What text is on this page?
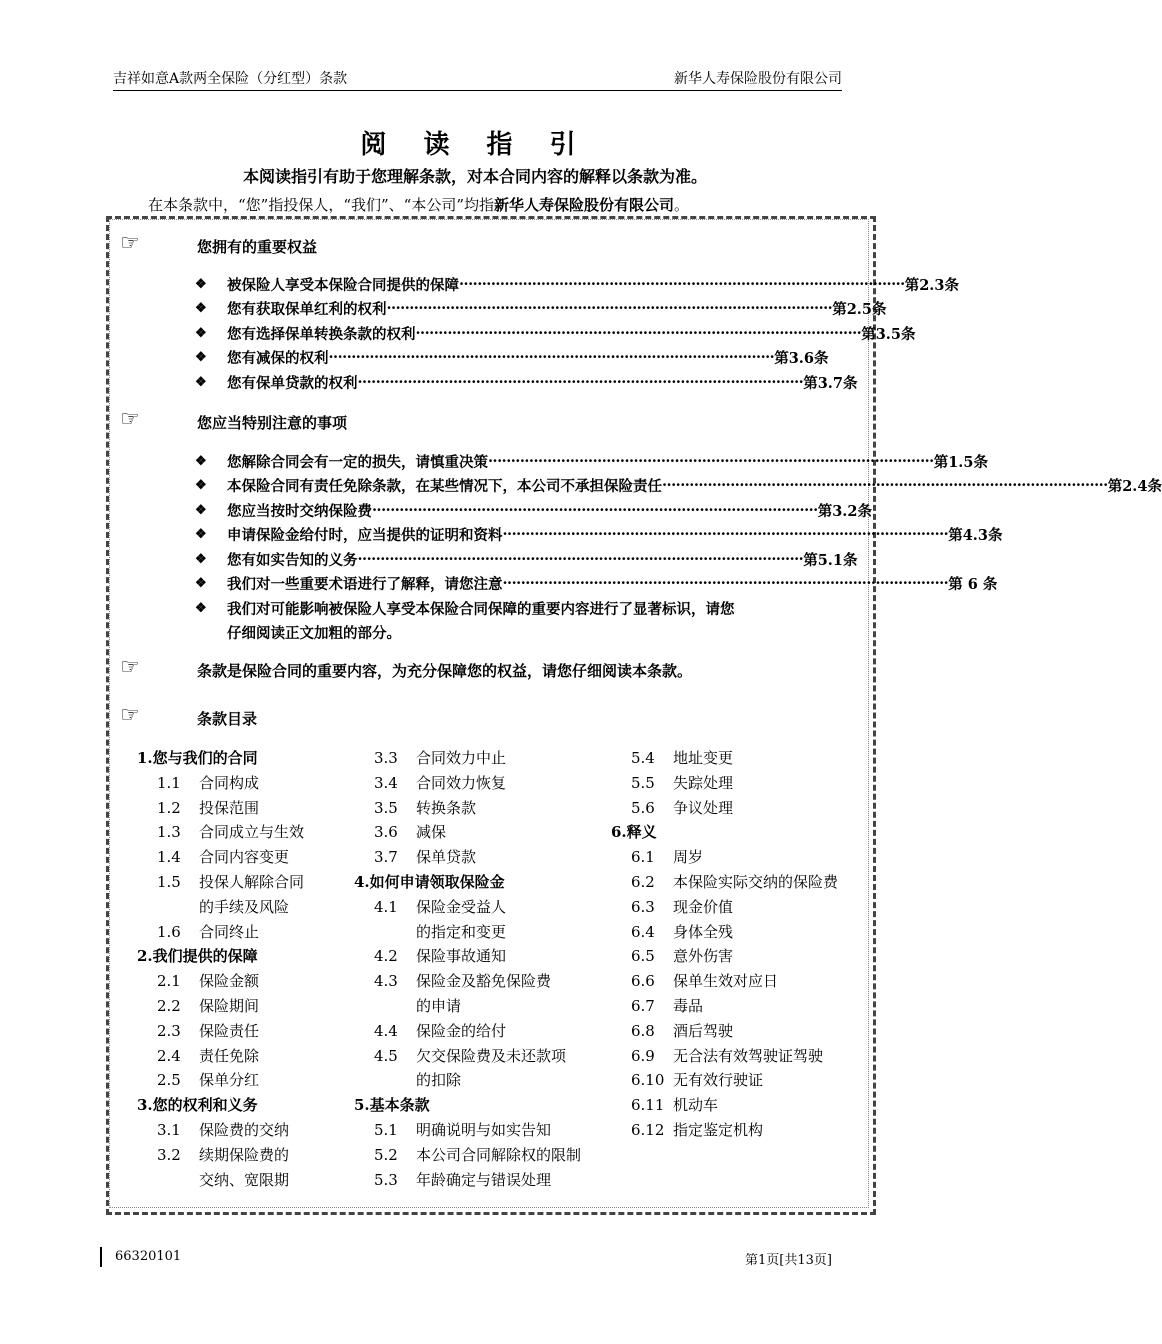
吉祥如意A款两全保险（分红型）条款	新华人寿保险股份有限公司
阅 读 指 引
本阅读指引有助于您理解条款，对本合同内容的解释以条款为准。
在本条款中，“您”指投保人，“我们”、“本公司”均指新华人寿保险股份有限公司。
☞	您拥有的重要权益
❖	被保险人享受本保险合同提供的保障 ·································································································· 第2.3条
❖	您有获取保单红利的权利 ·································································································· 第2.5条
❖	您有选择保单转换条款的权利 ·································································································· 第3.5条
❖	您有减保的权利 ·································································································· 第3.6条
❖	您有保单贷款的权利 ·································································································· 第3.7条
☞	您应当特别注意的事项
❖	您解除合同会有一定的损失，请慎重决策 ·································································································· 第1.5条
❖	本保险合同有责任免除条款，在某些情况下，本公司不承担保险责任 ·································································································· 第2.4条
❖	您应当按时交纳保险费 ·································································································· 第3.2条
❖	申请保险金给付时，应当提供的证明和资料 ·································································································· 第4.3条
❖	您有如实告知的义务 ·································································································· 第5.1条
❖	我们对一些重要术语进行了解释，请您注意 ·································································································· 第 6 条
❖	我们对可能影响被保险人享受本保险合同保障的重要内容进行了显著标识，请您
仔细阅读正文加粗的部分。
☞	条款是保险合同的重要内容，为充分保障您的权益，请您仔细阅读本条款。
☞	条款目录
1.您与我们的合同
1.1 合同构成
1.2 投保范围
1.3 合同成立与生效
1.4 合同内容变更
1.5 投保人解除合同
的手续及风险
1.6 合同终止
2.我们提供的保障
2.1 保险金额
2.2 保险期间
2.3 保险责任
2.4 责任免除
2.5 保单分红
3.您的权利和义务
3.1 保险费的交纳
3.2 续期保险费的
交纳、宽限期
3.3 合同效力中止
3.4 合同效力恢复
3.5 转换条款
3.6 减保
3.7 保单贷款
4.如何申请领取保险金
4.1 保险金受益人
的指定和变更
4.2 保险事故通知
4.3 保险金及豁免保险费
的申请
4.4 保险金的给付
4.5 欠交保险费及未还款项
的扣除
5.基本条款
5.1 明确说明与如实告知
5.2 本公司合同解除权的限制
5.3 年龄确定与错误处理
5.4 地址变更
5.5 失踪处理
5.6 争议处理
6.释义
6.1 周岁
6.2 本保险实际交纳的保险费
6.3 现金价值
6.4 身体全残
6.5 意外伤害
6.6 保单生效对应日
6.7 毒品
6.8 酒后驾驶
6.9 无合法有效驾驶证驾驶
6.10 无有效行驶证
6.11 机动车
6.12 指定鉴定机构
66320101	第1页[共13页]
